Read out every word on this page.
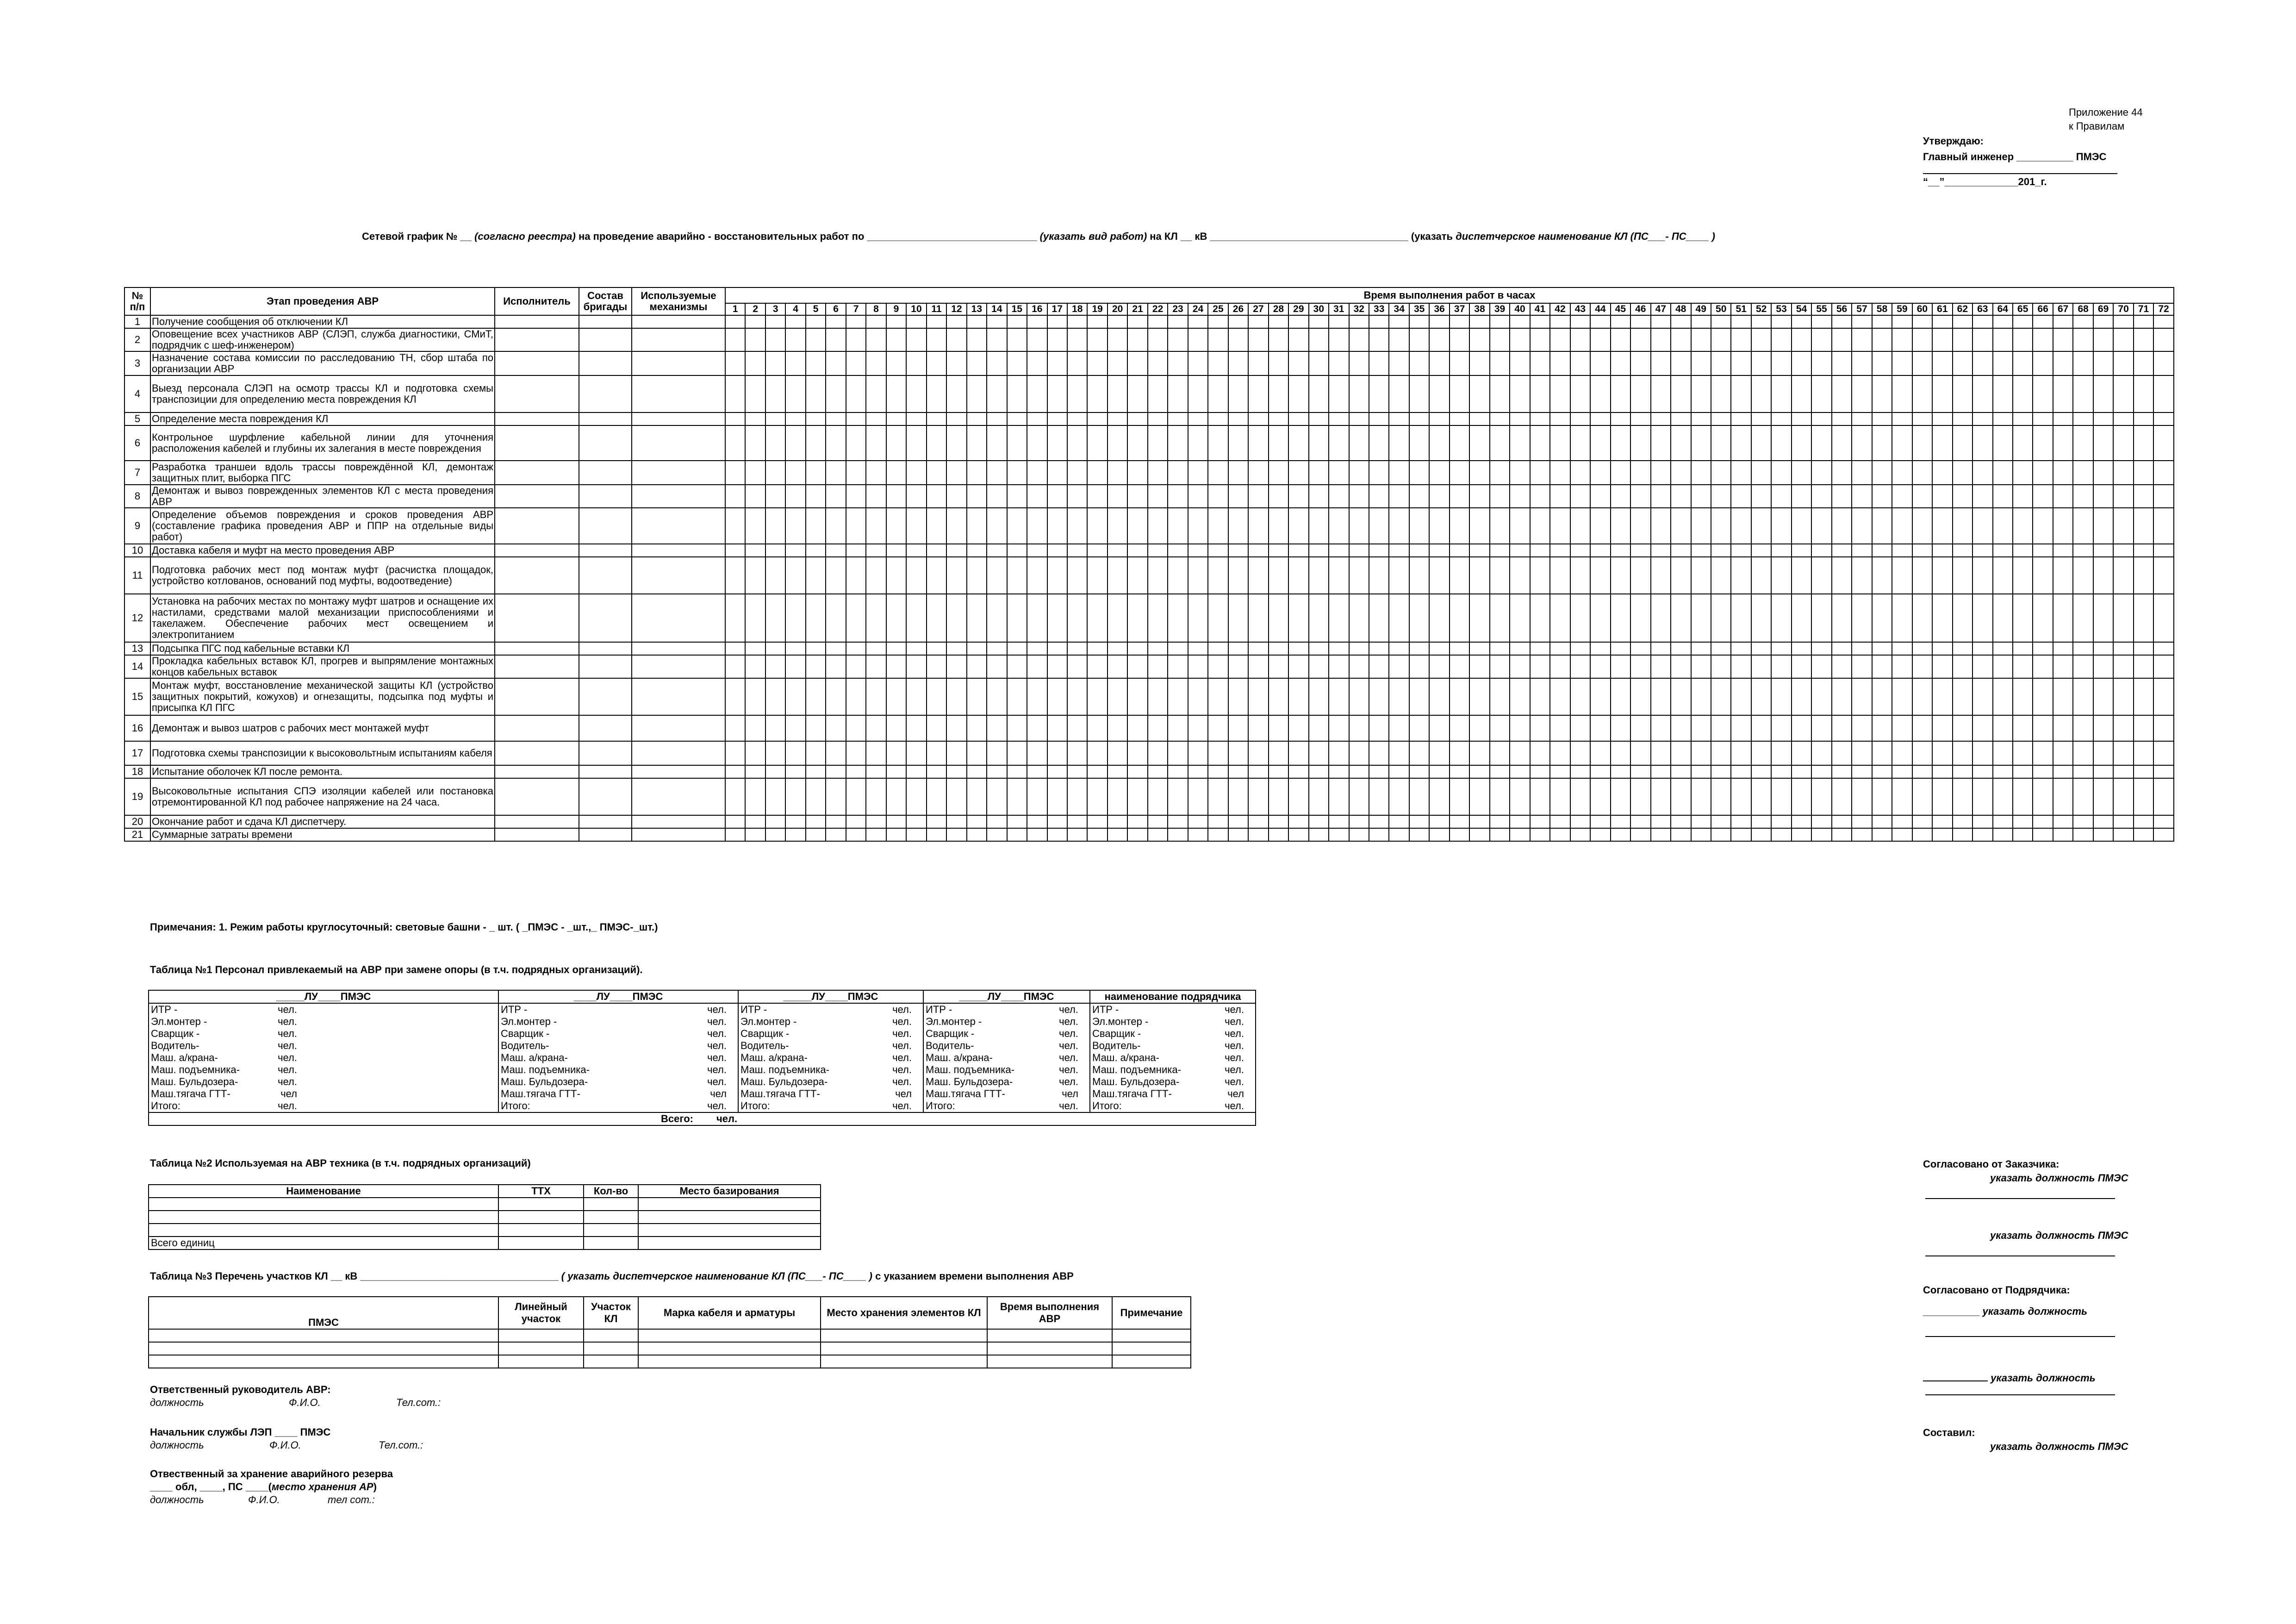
Приложение 44
к Правилам
Утверждаю:
Главный инженер __________ ПМЭС
“__”_____________201_г.
Сетевой график № __ (согласно реестра) на проведение аварийно - восстановительных работ по ______________________________ (указать вид работ) на КЛ __ кВ ___________________________________ (указать диспетчерское наименование КЛ (ПС___- ПС____ )
№ п/п	Этап проведения АВР	Исполнитель	Состав бригады	Используемые механизмы	Время выполнения работ в часах
1	2	3	4	5	6	7	8	9	10	11	12	13	14	15	16	17	18	19	20	21	22	23	24	25	26	27	28	29	30	31	32	33	34	35	36	37	38	39	40	41	42	43	44	45	46	47	48	49	50	51	52	53	54	55	56	57	58	59	60	61	62	63	64	65	66	67	68	69	70	71	72
1	Получение сообщения об отключении КЛ																																																																											
2	Оповещение всех участников АВР (СЛЭП, служба диагностики, СМиТ, подрядчик с шеф-инженером)																																																																											
3	Назначение состава комиссии по расследованию ТН, сбор штаба по организации АВР																																																																											
4	Выезд персонала СЛЭП на осмотр трассы КЛ и подготовка схемы транспозиции для определению места повреждения КЛ																																																																											
5	Определение места повреждения КЛ																																																																											
6	Контрольное шурфление кабельной линии для уточнения расположения кабелей и глубины их залегания в месте повреждения																																																																											
7	Разработка траншеи вдоль трассы повреждённой КЛ, демонтаж защитных плит, выборка ПГС																																																																											
8	Демонтаж и вывоз поврежденных элементов КЛ с места проведения АВР																																																																											
9	Определение объемов повреждения и сроков проведения АВР (составление графика проведения АВР и ППР на отдельные виды работ)																																																																											
10	Доставка кабеля и муфт на место проведения АВР																																																																											
11	Подготовка рабочих мест под монтаж муфт (расчистка площадок, устройство котлованов, оснований под муфты, водоотведение)																																																																											
12	Установка на рабочих местах по монтажу муфт шатров и оснащение их настилами, средствами малой механизации приспособлениями и такелажем. Обеспечение рабочих мест освещением и электропитанием																																																																											
13	Подсыпка ПГС под кабельные вставки КЛ																																																																											
14	Прокладка кабельных вставок КЛ, прогрев и выпрямление монтажных концов кабельных вставок																																																																											
15	Монтаж муфт, восстановление механической защиты КЛ (устройство защитных покрытий, кожухов) и огнезащиты, подсыпка под муфты и присыпка КЛ ПГС																																																																											
16	Демонтаж и вывоз шатров с рабочих мест монтажей муфт																																																																											
17	Подготовка схемы транспозиции к высоковольтным испытаниям кабеля																																																																											
18	Испытание оболочек КЛ после ремонта.																																																																											
19	Высоковольтные испытания СПЭ изоляции кабелей или постановка отремонтированной КЛ под рабочее напряжение на 24 часа.																																																																											
20	Окончание работ и сдача КЛ диспетчеру.																																																																											
21	Суммарные затраты времени																																																																											
Примечания: 1. Режим работы круглосуточный: световые башни - _ шт. ( _ПМЭС - _шт.,_ ПМЭС-_шт.)
Таблица №1 Персонал привлекаемый на АВР при замене опоры (в т.ч. подрядных организаций).
_____ЛУ____ПМЭС	____ЛУ____ПМЭС	_____ЛУ____ПМЭС	_____ЛУ____ПМЭС	наименование подрядчика

ИТР - чел.	ИТР - чел.	ИТР - чел.	ИТР - чел.	ИТР - чел.

Эл.монтер - чел.	Эл.монтер - чел.	Эл.монтер - чел.	Эл.монтер - чел.	Эл.монтер - чел.

Сварщик - чел.	Сварщик - чел.	Сварщик - чел.	Сварщик - чел.	Сварщик - чел.

Водитель- чел.	Водитель- чел.	Водитель- чел.	Водитель- чел.	Водитель- чел.

Маш. а/крана- чел.	Маш. а/крана- чел.	Маш. а/крана- чел.	Маш. а/крана- чел.	Маш. а/крана- чел.

Маш. подъемника- чел.	Маш. подъемника- чел.	Маш. подъемника- чел.	Маш. подъемника- чел.	Маш. подъемника- чел.

Маш. Бульдозера- чел.	Маш. Бульдозера- чел.	Маш. Бульдозера- чел.	Маш. Бульдозера- чел.	Маш. Бульдозера- чел.

Маш.тягача ГТТ- чел	Маш.тягача ГТТ- чел	Маш.тягача ГТТ- чел	Маш.тягача ГТТ- чел	Маш.тягача ГТТ- чел

Итого: чел.	Итого: чел.	Итого: чел.	Итого: чел.	Итого: чел.

Всего: чел.				
Таблица №2 Используемая на АВР техника (в т.ч. подрядных организаций)
Наименование	ТТХ	Кол-во	Место базирования

Всего единиц			
Таблица №3 Перечень участков КЛ __ кВ ___________________________________ ( указать диспетчерское наименование КЛ (ПС___- ПС____ ) с указанием времени выполнения АВР
ПМЭС	Линейный участок	Участок КЛ	Марка кабеля и арматуры	Место хранения элементов КЛ	Время выполнения АВР	Примечание

Ответственный руководитель АВР:
должность	Ф.И.О.	Тел.сот.:
Начальник службы ЛЭП ____ ПМЭС
должность	Ф.И.О.	Тел.сот.:
Отвественный за хранение аварийного резерва
____ обл, ____, ПС ____(место хранения АР)
должность	Ф.И.О.	тел сот.:
Согласовано от Заказчика:
указать должность ПМЭС
указать должность ПМЭС
Согласовано от Подрядчика:
__________ указать должность
указать должность
Составил:
указать должность ПМЭС
